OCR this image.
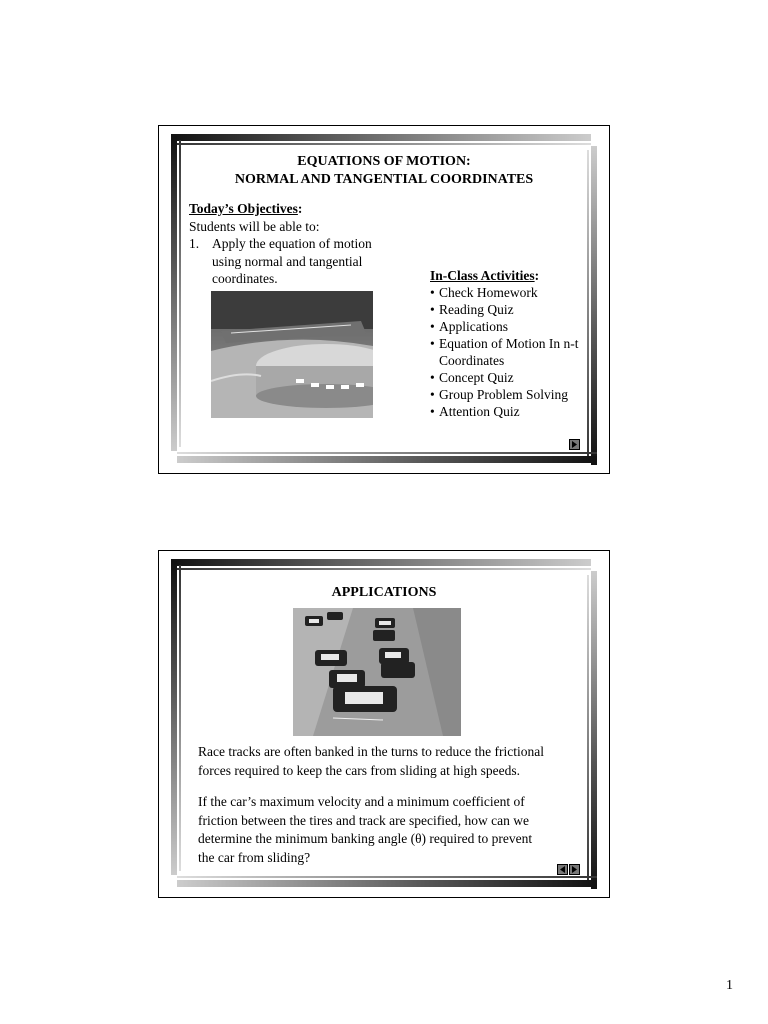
EQUATIONS OF MOTION:
NORMAL AND TANGENTIAL COORDINATES
Today’s Objectives:
Students will be able to:
1. Apply the equation of motion
using normal and tangential
coordinates.	In-Class Activities:
• Check Homework
• Reading Quiz
• Applications
• Equation of Motion In n-t
Coordinates
• Concept Quiz
• Group Problem Solving
• Attention Quiz
APPLICATIONS
Race tracks are often banked in the turns to reduce the frictional
forces required to keep the cars from sliding at high speeds.
If the car’s maximum velocity and a minimum coefficient of
friction between the tires and track are specified, how can we
determine the minimum banking angle (θ) required to prevent
the car from sliding?
1
